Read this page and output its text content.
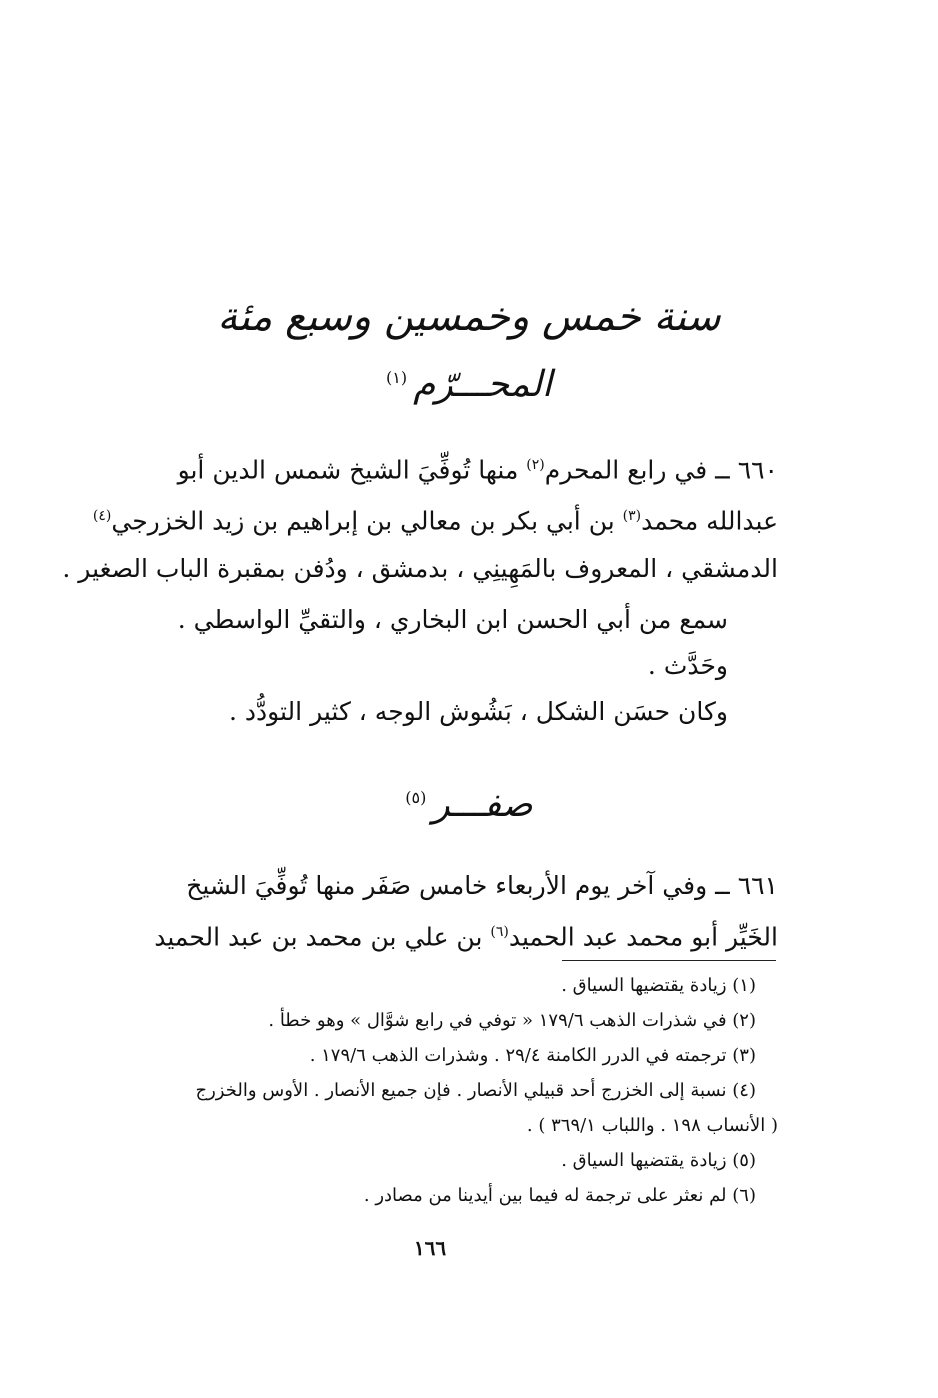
سنة خمس وخمسين وسبع مئة
المحـــرّم$^{(١)}$
٦٦٠ ــ في رابع المحرم$^{(٢)}$ منها تُوفِّيَ الشيخ شمس الدين أبو
عبدالله محمد$^{(٣)}$ بن أبي بكر بن معالي بن إبراهيم بن زيد الخزرجي$^{(٤)}$
الدمشقي ، المعروف بالمَهِينِي ، بدمشق ، ودُفن بمقبرة الباب الصغير .
سمع من أبي الحسن ابن البخاري ، والتقيِّ الواسطي .
وحَدَّث .
وكان حسَن الشكل ، بَشُوش الوجه ، كثير التودُّد .
صفـــر$^{(٥)}$
٦٦١ ــ وفي آخر يوم الأربعاء خامس صَفَر منها تُوفِّيَ الشيخ
الخَيِّر أبو محمد عبد الحميد$^{(٦)}$ بن علي بن محمد بن عبد الحميد
(١) زيادة يقتضيها السياق .
(٢) في شذرات الذهب ١٧٩/٦ « توفي في رابع شوَّال » وهو خطأ .
(٣) ترجمته في الدرر الكامنة ٢٩/٤ . وشذرات الذهب ١٧٩/٦ .
(٤) نسبة إلى الخزرج أحد قبيلي الأنصار . فإن جميع الأنصار . الأوس والخزرج
( الأنساب ١٩٨ . واللباب ٣٦٩/١ ) .
(٥) زيادة يقتضيها السياق .
(٦) لم نعثر على ترجمة له فيما بين أيدينا من مصادر .
١٦٦
